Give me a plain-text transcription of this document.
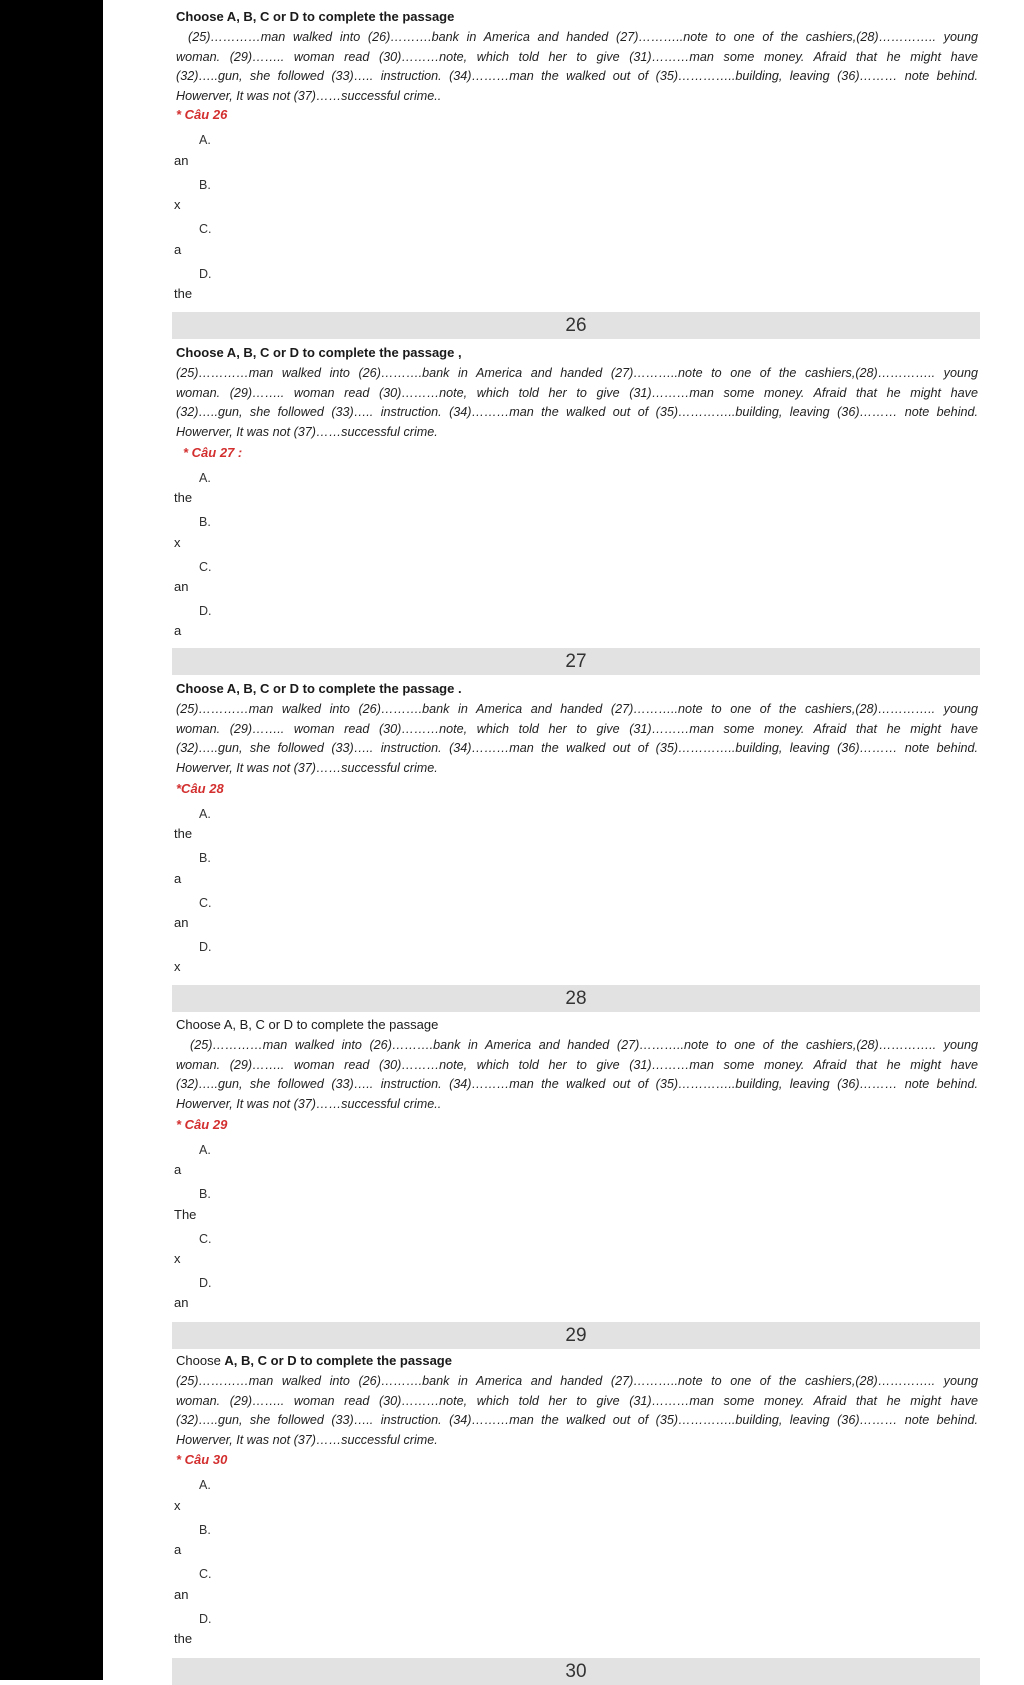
Choose A, B, C or D to complete the passage
(25)…………man walked into (26)……….bank in America and handed (27)………..note to one of the cashiers,(28)………….. young
woman. (29)…….. woman read (30)………note, which told her to give (31)………man some money. Afraid that he might have
(32)…..gun, she followed (33)….. instruction. (34)………man the walked out of (35)…………..building, leaving (36)……… note behind.
Howerver, It was not (37)……successful crime..
* Câu 26
A.
an
B.
x
C.
a
D.
the
26
Choose A, B, C or D to complete the passage ,
(25)…………man walked into (26)……….bank in America and handed (27)………..note to one of the cashiers,(28)………….. young
woman. (29)…….. woman read (30)………note, which told her to give (31)………man some money. Afraid that he might have
(32)…..gun, she followed (33)….. instruction. (34)………man the walked out of (35)…………..building, leaving (36)……… note behind.
Howerver, It was not (37)……successful crime.
* Câu 27 :
A.
the
B.
x
C.
an
D.
a
27
Choose A, B, C or D to complete the passage .
(25)…………man walked into (26)……….bank in America and handed (27)………..note to one of the cashiers,(28)………….. young
woman. (29)…….. woman read (30)………note, which told her to give (31)………man some money. Afraid that he might have
(32)…..gun, she followed (33)….. instruction. (34)………man the walked out of (35)…………..building, leaving (36)……… note behind.
Howerver, It was not (37)……successful crime.
*Câu 28
A.
the
B.
a
C.
an
D.
x
28
Choose A, B, C or D to complete the passage
(25)…………man walked into (26)……….bank in America and handed (27)………..note to one of the cashiers,(28)………….. young
woman. (29)…….. woman read (30)………note, which told her to give (31)………man some money. Afraid that he might have
(32)…..gun, she followed (33)….. instruction. (34)………man the walked out of (35)…………..building, leaving (36)……… note behind.
Howerver, It was not (37)……successful crime..
* Câu 29
A.
a
B.
The
C.
x
D.
an
29
Choose A, B, C or D to complete the passage
(25)…………man walked into (26)……….bank in America and handed (27)………..note to one of the cashiers,(28)………….. young
woman. (29)…….. woman read (30)………note, which told her to give (31)………man some money. Afraid that he might have
(32)…..gun, she followed (33)….. instruction. (34)………man the walked out of (35)…………..building, leaving (36)……… note behind.
Howerver, It was not (37)……successful crime.
* Câu 30
A.
x
B.
a
C.
an
D.
the
30
